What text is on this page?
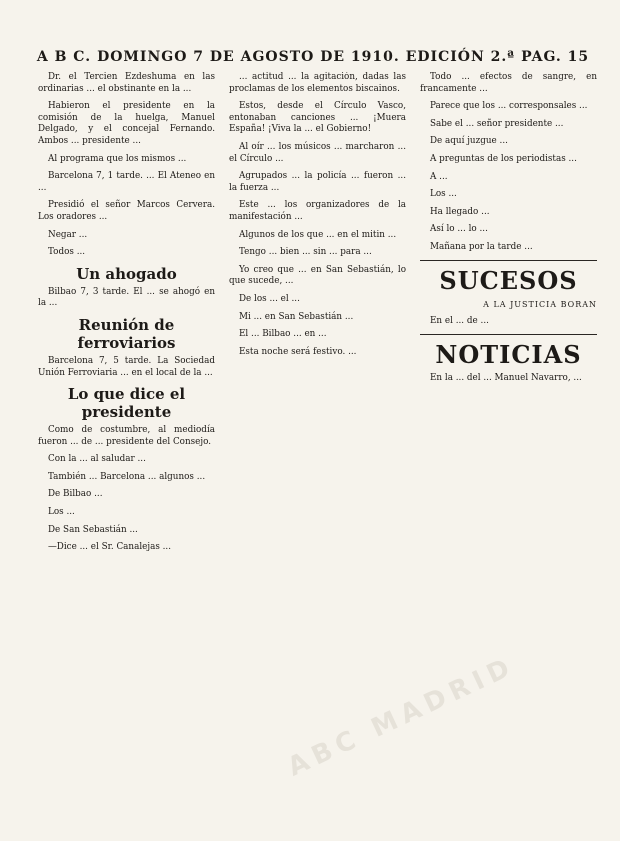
A B C. DOMINGO 7 DE AGOSTO DE 1910. EDICIÓN 2.ª PAG. 15

Dr. el Tercien Ezdeshuma en las ordinarias ... el obstinante en la ...

Habieron el presidente en la comisión de la huelga, Manuel Delgado, y el concejal Fernando. Ambos ... presidente ...

Al programa que los mismos ...

Barcelona 7, 1 tarde. ... El Ateneo en ...

Presidió el señor Marcos Cervera. Los oradores ...

Negar ...

Todos ...

Un ahogado

Bilbao 7, 3 tarde. El ... se ahogó en la ...

Reunión de ferroviarios

Barcelona 7, 5 tarde. La Sociedad Unión Ferroviaria ... en el local de la ...

Lo que dice el presidente

Como de costumbre, al mediodía fueron ... de ... presidente del Consejo.

Con la ... al saludar ...

También ... Barcelona ... algunos ...

De Bilbao ...

Los ...

De San Sebastián ...

—Dice ... el Sr. Canalejas ...

... actitud ... la agitación, dadas las proclamas de los elementos biscainos.

Estos, desde el Círculo Vasco, entonaban canciones ... ¡Muera España! ¡Viva la ... el Gobierno!

Al oír ... los músicos ... marcharon ... el Círculo ...

Agrupados ... la policía ... fueron ... la fuerza ...

Este ... los organizadores de la manifestación ...

Algunos de los que ... en el mitin ...

Tengo ... bien ... sin ... para ...

Yo creo que ... en San Sebastián, lo que sucede, ...

De los ... el ...

Mi ... en San Sebastián ...

El ... Bilbao ... en ...

Esta noche será festivo. ...

Todo ... efectos de sangre, en francamente ...

Parece que los ... corresponsales ...

Sabe el ... señor presidente ...

De aquí juzgue ...

A preguntas de los periodistas ...

A ...

Los ...

Ha llegado ...

Así lo ... lo ...

Mañana por la tarde ...

SUCESOS
A LA JUSTICIA BORAN

En el ... de ...

NOTICIAS

En la ... del ... Manuel Navarro, ...

ABC MADRID
